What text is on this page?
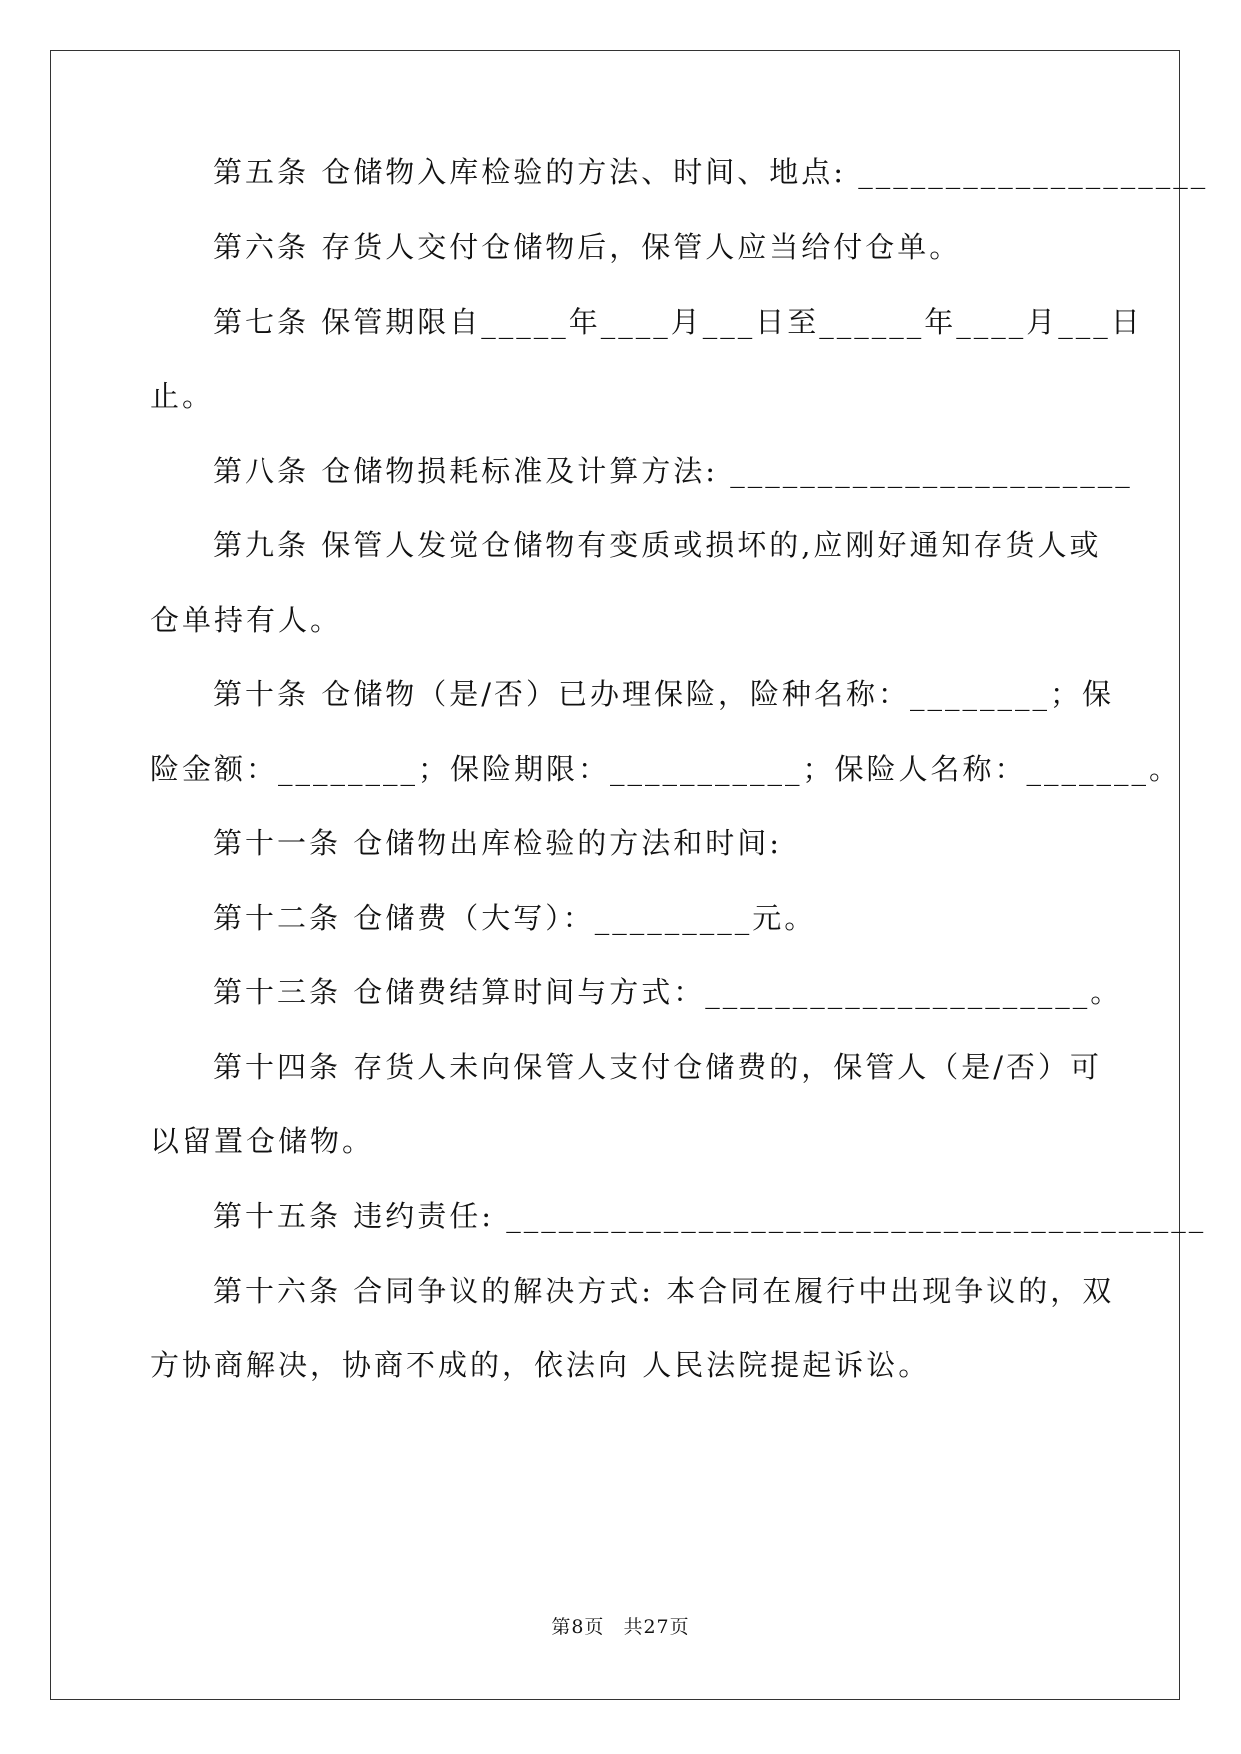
第五条 仓储物入库检验的方法、时间、地点: ____________________
第六条 存货人交付仓储物后，保管人应当给付仓单。
第七条 保管期限自_____年____月___日至______年____月___日
止。
第八条 仓储物损耗标准及计算方法: _______________________
第九条 保管人发觉仓储物有变质或损坏的,应刚好通知存货人或
仓单持有人。
第十条 仓储物（是/否）已办理保险，险种名称：________；保
险金额：________；保险期限：___________；保险人名称：_______。
第十一条 仓储物出库检验的方法和时间:
第十二条 仓储费（大写）：_________元。
第十三条 仓储费结算时间与方式：______________________。
第十四条 存货人未向保管人支付仓储费的，保管人（是/否）可
以留置仓储物。
第十五条 违约责任: ________________________________________
第十六条 合同争议的解决方式: 本合同在履行中出现争议的，双
方协商解决，协商不成的，依法向 人民法院提起诉讼。
第8页 共27页
